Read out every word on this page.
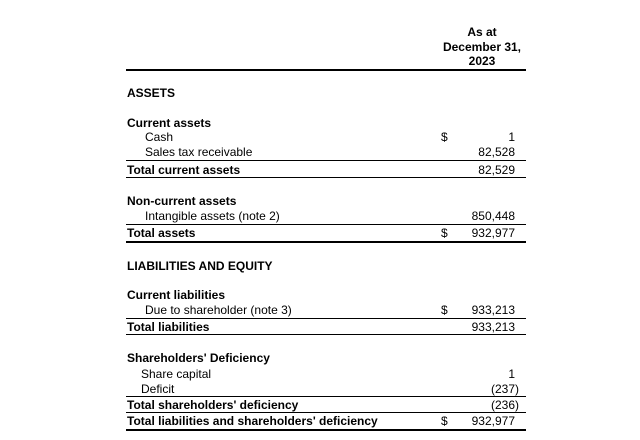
As at
December 31,
2023
ASSETS
Current assets
Cash	$	1
Sales tax receivable	82,528
Total current assets	82,529
Non-current assets
Intangible assets (note 2)	850,448
Total assets	$	932,977
LIABILITIES AND EQUITY
Current liabilities
Due to shareholder (note 3)	$	933,213
Total liabilities	933,213
Shareholders' Deficiency
Share capital	1
Deficit	(237)
Total shareholders' deficiency	(236)
Total liabilities and shareholders' deficiency	$	932,977
